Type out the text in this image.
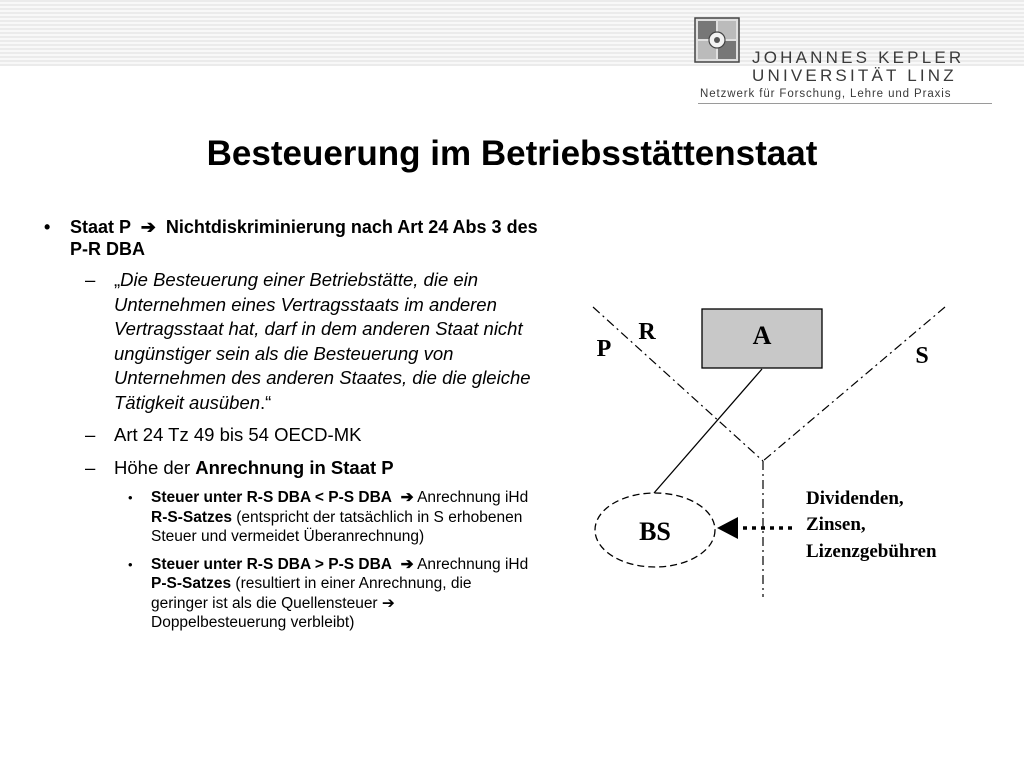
JOHANNES KEPLER
UNIVERSITÄT LINZ
Netzwerk für Forschung, Lehre und Praxis
Besteuerung im Betriebsstättenstaat
• Staat P  ➔  Nichtdiskriminierung nach Art 24 Abs 3 des P-R DBA
– „Die Besteuerung einer Betriebstätte, die ein Unternehmen eines Vertragsstaats im anderen Vertragsstaat hat, darf in dem anderen Staat nicht ungünstiger sein als die Besteuerung von Unternehmen des anderen Staates, die die gleiche Tätigkeit ausüben.“
– Art 24 Tz 49 bis 54 OECD-MK
– Höhe der Anrechnung in Staat P
• Steuer unter R-S DBA < P-S DBA  ➔ Anrechnung iHd R-S-Satzes (entspricht der tatsächlich in S erhobenen Steuer und vermeidet Überanrechnung)
• Steuer unter R-S DBA > P-S DBA  ➔ Anrechnung iHd P-S-Satzes (resultiert in einer Anrechnung, die geringer ist als die Quellensteuer ➔ Doppelbesteuerung verbleibt)
A
BS
R
P	S
Dividenden,
Zinsen,
Lizenzgebühren
